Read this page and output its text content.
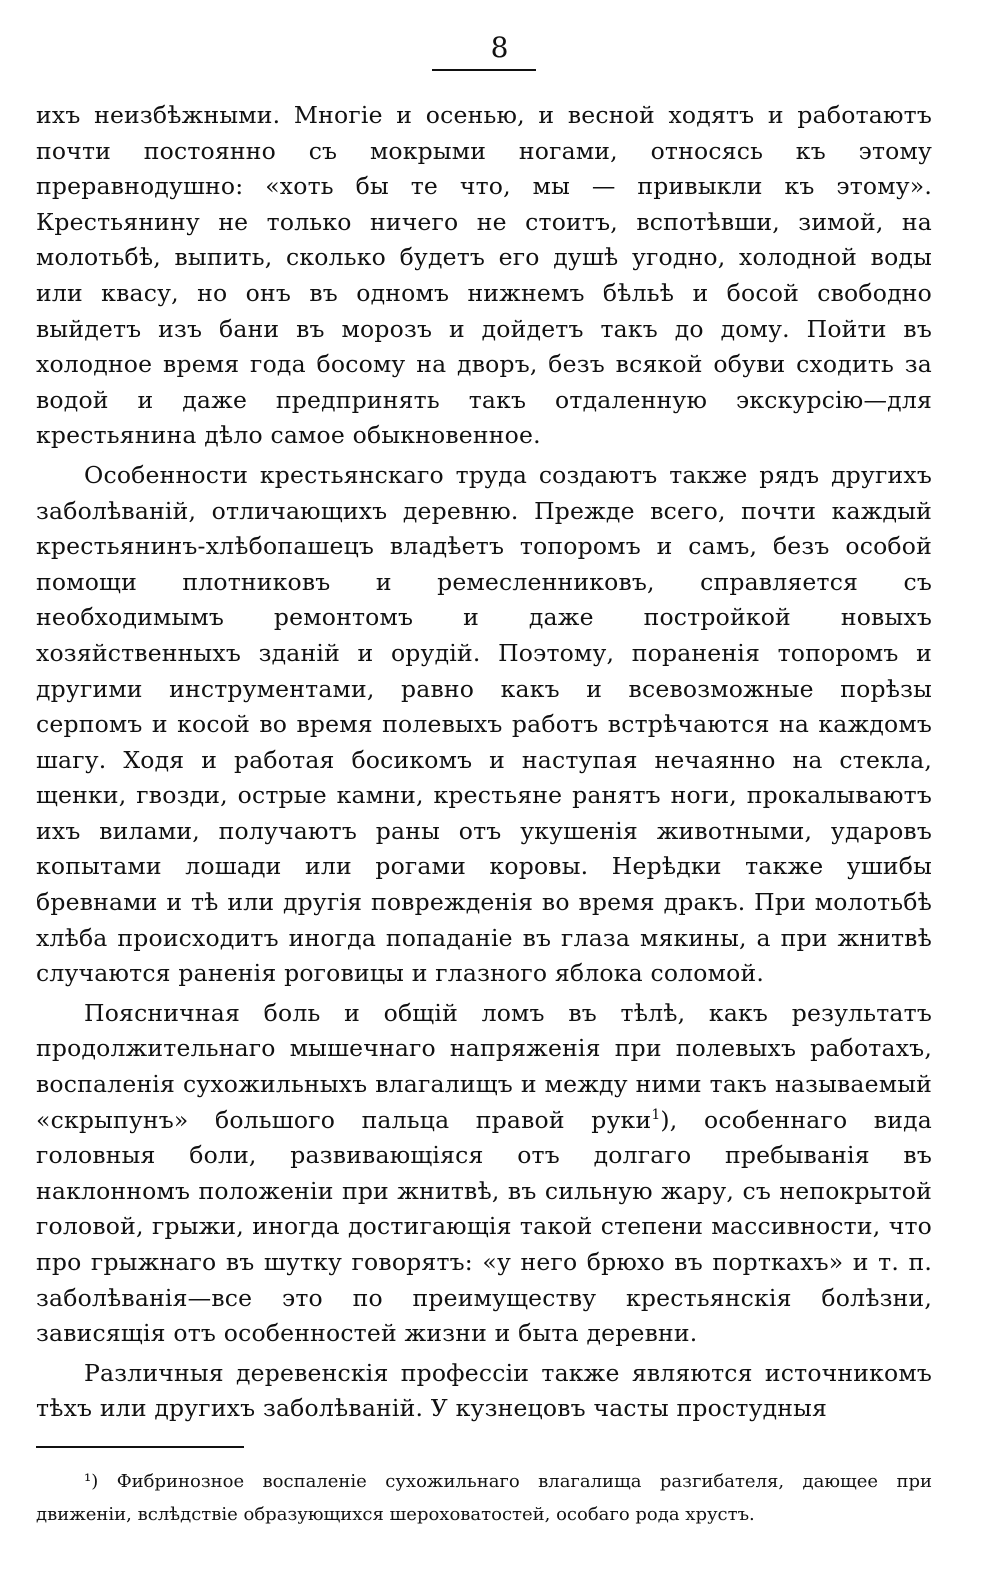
8

ихъ неизбѣжными. Многіе и осенью, и весной ходятъ и работаютъ почти постоянно съ мокрыми ногами, относясь къ этому преравнодушно: «хоть бы те что, мы — привыкли къ этому». Крестьянину не только ничего не стоитъ, вспотѣвши, зимой, на молотьбѣ, выпить, сколько будетъ его душѣ угодно, холодной воды или квасу, но онъ въ одномъ нижнемъ бѣльѣ и босой свободно выйдетъ изъ бани въ морозъ и дойдетъ такъ до дому. Пойти въ холодное время года босому на дворъ, безъ всякой обуви сходить за водой и даже предпринять такъ отдаленную экскурсію—для крестьянина дѣло самое обыкновенное.

Особенности крестьянскаго труда создаютъ также рядъ другихъ заболѣваній, отличающихъ деревню. Прежде всего, почти каждый крестьянинъ-хлѣбопашецъ владѣетъ топоромъ и самъ, безъ особой помощи плотниковъ и ремесленниковъ, справляется съ необходимымъ ремонтомъ и даже постройкой новыхъ хозяйственныхъ зданій и орудій. Поэтому, пораненія топоромъ и другими инструментами, равно какъ и всевозможные порѣзы серпомъ и косой во время полевыхъ работъ встрѣчаются на каждомъ шагу. Ходя и работая босикомъ и наступая нечаянно на стекла, щенки, гвозди, острые камни, крестьяне ранятъ ноги, прокалываютъ ихъ вилами, получаютъ раны отъ укушенія животными, ударовъ копытами лошади или рогами коровы. Нерѣдки также ушибы бревнами и тѣ или другія поврежденія во время дракъ. При молотьбѣ хлѣба происходитъ иногда попаданіе въ глаза мякины, а при жнитвѣ случаются раненія роговицы и глазного яблока соломой.

Поясничная боль и общій ломъ въ тѣлѣ, какъ результатъ продолжительнаго мышечнаго напряженія при полевыхъ работахъ, воспаленія сухожильныхъ влагалищъ и между ними такъ называемый «скрыпунъ» большого пальца правой руки$^1$), особеннаго вида головныя боли, развивающіяся отъ долгаго пребыванія въ наклонномъ положеніи при жнитвѣ, въ сильную жару, съ непокрытой головой, грыжи, иногда достигающія такой степени массивности, что про грыжнаго въ шутку говорятъ: «у него брюхо въ порткахъ» и т. п. заболѣванія—все это по преимуществу крестьянскія болѣзни, зависящія отъ особенностей жизни и быта деревни.

Различныя деревенскія профессіи также являются источникомъ тѣхъ или другихъ заболѣваній. У кузнецовъ часты простудныя

¹) Фибринозное воспаленіе сухожильнаго влагалища разгибателя, дающее при движеніи, вслѣдствіе образующихся шероховатостей, особаго рода хрустъ.
